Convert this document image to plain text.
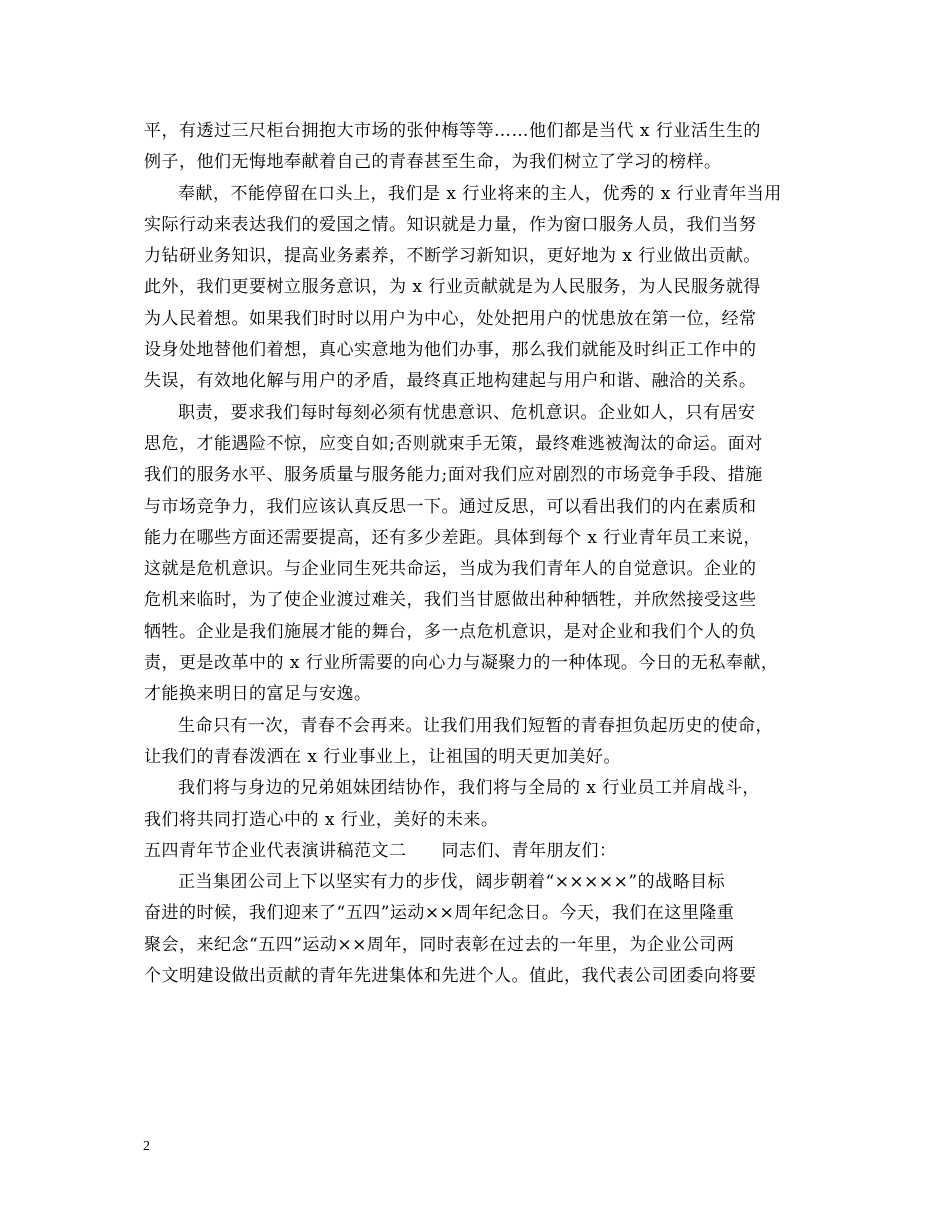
平，有透过三尺柜台拥抱大市场的张仲梅等等……他们都是当代 x 行业活生生的
例子，他们无悔地奉献着自己的青春甚至生命，为我们树立了学习的榜样。
奉献，不能停留在口头上，我们是 x 行业将来的主人，优秀的 x 行业青年当用
实际行动来表达我们的爱国之情。知识就是力量，作为窗口服务人员，我们当努
力钻研业务知识，提高业务素养，不断学习新知识，更好地为 x 行业做出贡献。
此外，我们更要树立服务意识，为 x 行业贡献就是为人民服务，为人民服务就得
为人民着想。如果我们时时以用户为中心，处处把用户的忧患放在第一位，经常
设身处地替他们着想，真心实意地为他们办事，那么我们就能及时纠正工作中的
失误，有效地化解与用户的矛盾，最终真正地构建起与用户和谐、融洽的关系。
职责，要求我们每时每刻必须有忧患意识、危机意识。企业如人，只有居安
思危，才能遇险不惊，应变自如;否则就束手无策，最终难逃被淘汰的命运。面对
我们的服务水平、服务质量与服务能力;面对我们应对剧烈的市场竞争手段、措施
与市场竞争力，我们应该认真反思一下。通过反思，可以看出我们的内在素质和
能力在哪些方面还需要提高，还有多少差距。具体到每个 x 行业青年员工来说，
这就是危机意识。与企业同生死共命运，当成为我们青年人的自觉意识。企业的
危机来临时，为了使企业渡过难关，我们当甘愿做出种种牺牲，并欣然接受这些
牺牲。企业是我们施展才能的舞台，多一点危机意识，是对企业和我们个人的负
责，更是改革中的 x 行业所需要的向心力与凝聚力的一种体现。今日的无私奉献，
才能换来明日的富足与安逸。
生命只有一次，青春不会再来。让我们用我们短暂的青春担负起历史的使命，
让我们的青春泼洒在 x 行业事业上，让祖国的明天更加美好。
我们将与身边的兄弟姐妹团结协作，我们将与全局的 x 行业员工并肩战斗，
我们将共同打造心中的 x 行业，美好的未来。
五四青年节企业代表演讲稿范文二　　同志们、青年朋友们：
正当集团公司上下以坚实有力的步伐，阔步朝着“×××××”的战略目标
奋进的时候，我们迎来了“五四”运动××周年纪念日。今天，我们在这里隆重
聚会，来纪念“五四”运动××周年，同时表彰在过去的一年里，为企业公司两
个文明建设做出贡献的青年先进集体和先进个人。值此，我代表公司团委向将要
2
